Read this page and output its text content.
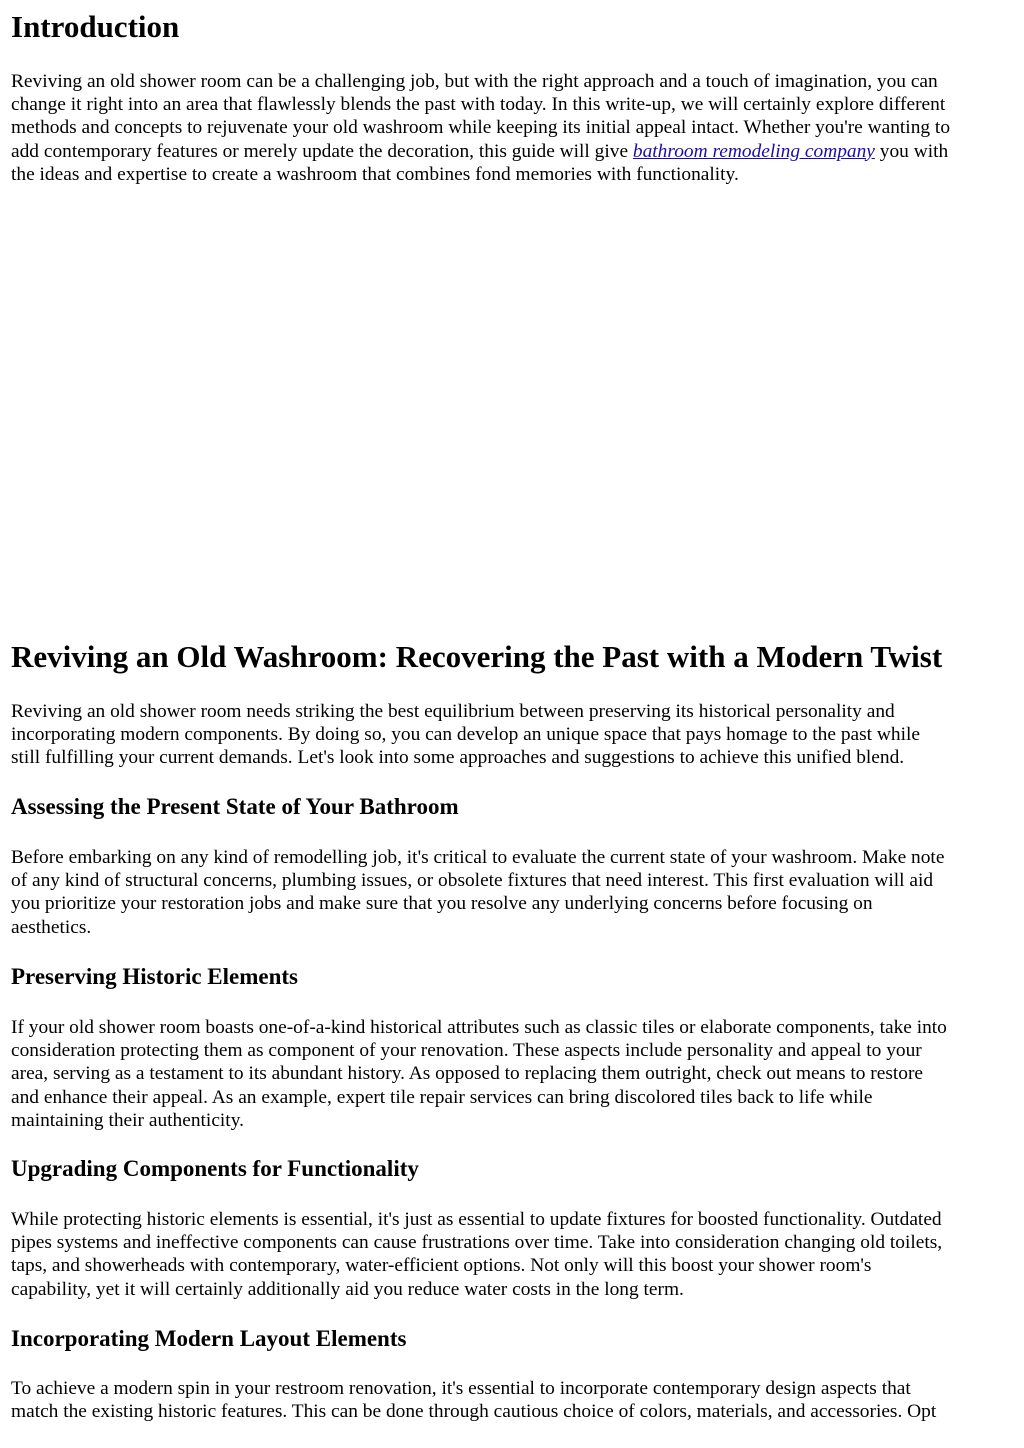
Introduction

Reviving an old shower room can be a challenging job, but with the right approach and a touch of imagination, you can
change it right into an area that flawlessly blends the past with today. In this write-up, we will certainly explore different
methods and concepts to rejuvenate your old washroom while keeping its initial appeal intact. Whether you're wanting to
add contemporary features or merely update the decoration, this guide will give bathroom remodeling company you with
the ideas and expertise to create a washroom that combines fond memories with functionality.

Reviving an Old Washroom: Recovering the Past with a Modern Twist

Reviving an old shower room needs striking the best equilibrium between preserving its historical personality and
incorporating modern components. By doing so, you can develop an unique space that pays homage to the past while
still fulfilling your current demands. Let's look into some approaches and suggestions to achieve this unified blend.

Assessing the Present State of Your Bathroom

Before embarking on any kind of remodelling job, it's critical to evaluate the current state of your washroom. Make note
of any kind of structural concerns, plumbing issues, or obsolete fixtures that need interest. This first evaluation will aid
you prioritize your restoration jobs and make sure that you resolve any underlying concerns before focusing on
aesthetics.

Preserving Historic Elements

If your old shower room boasts one-of-a-kind historical attributes such as classic tiles or elaborate components, take into
consideration protecting them as component of your renovation. These aspects include personality and appeal to your
area, serving as a testament to its abundant history. As opposed to replacing them outright, check out means to restore
and enhance their appeal. As an example, expert tile repair services can bring discolored tiles back to life while
maintaining their authenticity.

Upgrading Components for Functionality

While protecting historic elements is essential, it's just as essential to update fixtures for boosted functionality. Outdated
pipes systems and ineffective components can cause frustrations over time. Take into consideration changing old toilets,
taps, and showerheads with contemporary, water-efficient options. Not only will this boost your shower room's
capability, yet it will certainly additionally aid you reduce water costs in the long term.

Incorporating Modern Layout Elements

To achieve a modern spin in your restroom renovation, it's essential to incorporate contemporary design aspects that
match the existing historic features. This can be done through cautious choice of colors, materials, and accessories. Opt
